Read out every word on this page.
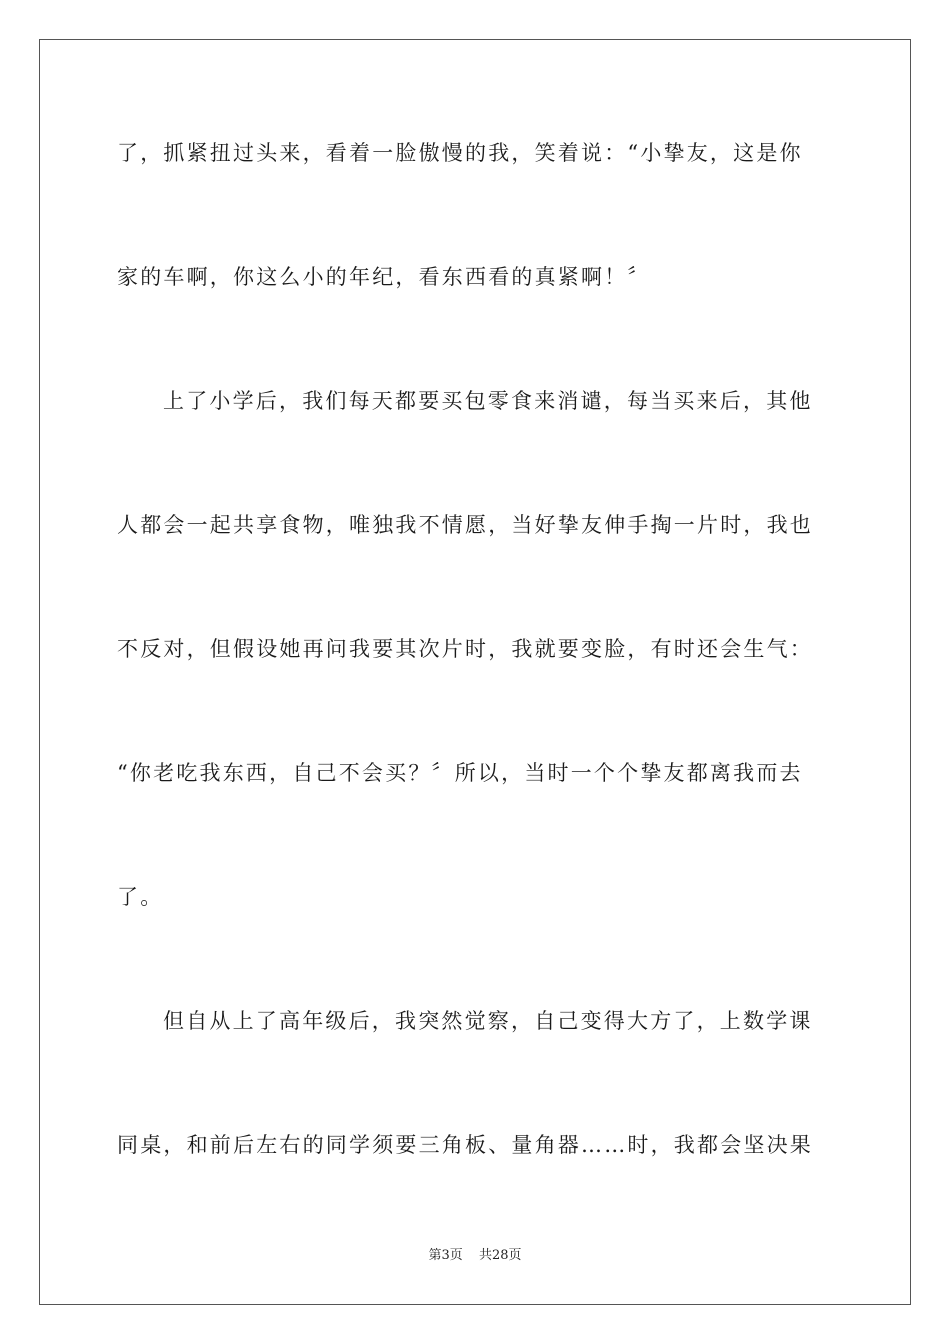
了，抓紧扭过头来，看着一脸傲慢的我，笑着说：“小挚友，这是你
家的车啊，你这么小的年纪，看东西看的真紧啊！〞
上了小学后，我们每天都要买包零食来消谴，每当买来后，其他
人都会一起共享食物，唯独我不情愿，当好挚友伸手掏一片时，我也
不反对，但假设她再问我要其次片时，我就要变脸，有时还会生气：
“你老吃我东西，自己不会买？〞所以，当时一个个挚友都离我而去
了。
但自从上了高年级后，我突然觉察，自己变得大方了，上数学课
同桌，和前后左右的同学须要三角板、量角器……时，我都会坚决果
第3页 共28页
